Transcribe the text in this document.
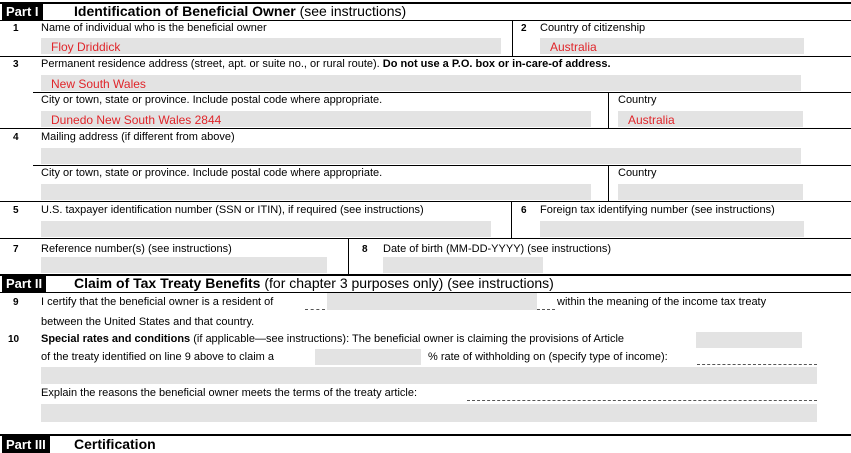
Part I	Identification of Beneficial Owner (see instructions)
1 Name of individual who is the beneficial owner
Floy Driddick
2 Country of citizenship
Australia
3 Permanent residence address (street, apt. or suite no., or rural route). Do not use a P.O. box or in-care-of address.
New South Wales
City or town, state or province. Include postal code where appropriate.
Dunedo New South Wales 2844
Country
Australia
4 Mailing address (if different from above)
City or town, state or province. Include postal code where appropriate.	Country
5 U.S. taxpayer identification number (SSN or ITIN), if required (see instructions)	6 Foreign tax identifying number (see instructions)
7 Reference number(s) (see instructions)	8 Date of birth (MM-DD-YYYY) (see instructions)
Part II Claim of Tax Treaty Benefits (for chapter 3 purposes only) (see instructions)
9 I certify that the beneficial owner is a resident of	within the meaning of the income tax treaty
between the United States and that country.
10 Special rates and conditions (if applicable—see instructions): The beneficial owner is claiming the provisions of Article
of the treaty identified on line 9 above to claim a	% rate of withholding on (specify type of income):
Explain the reasons the beneficial owner meets the terms of the treaty article:
Part III Certification
